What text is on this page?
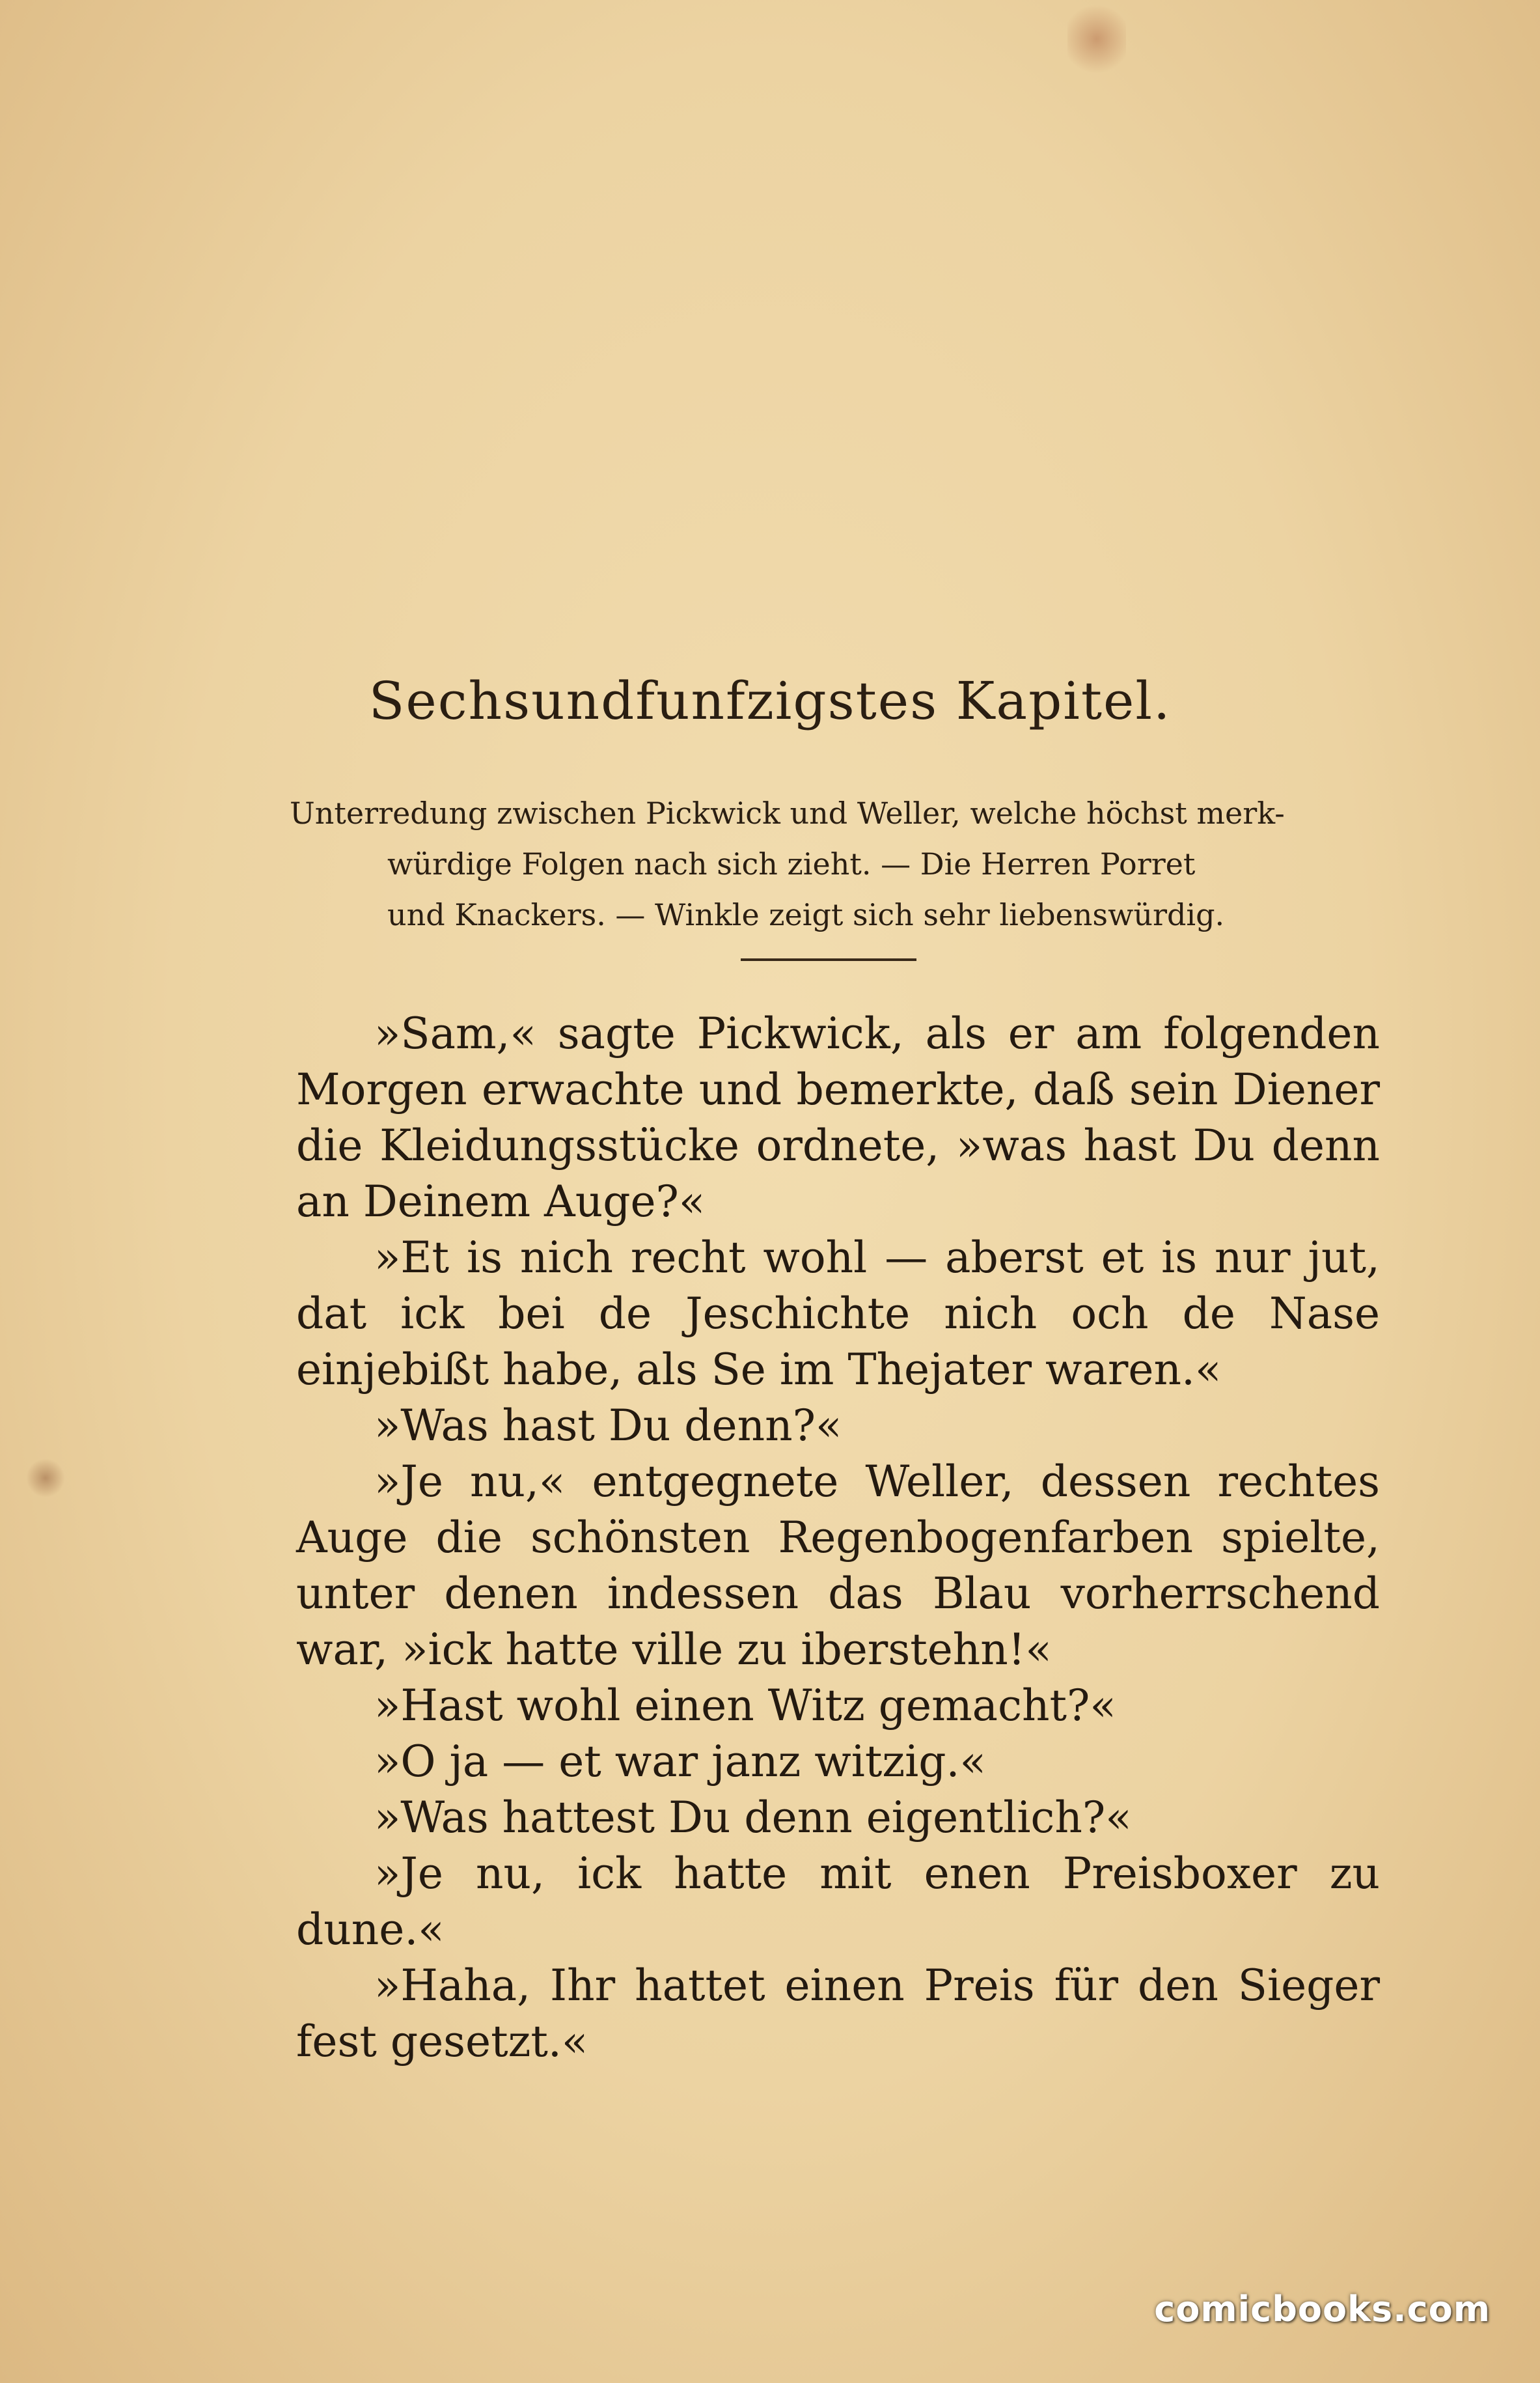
Sechsundfunfzigstes Kapitel.
Unterredung zwischen Pickwick und Weller, welche höchst merk-
würdige Folgen nach sich zieht. — Die Herren Porret
und Knackers. — Winkle zeigt sich sehr liebenswürdig.

»Sam,« sagte Pickwick, als er am folgenden Morgen erwachte und bemerkte, daß sein Diener die Kleidungsstücke ordnete, »was hast Du denn an Deinem Auge?«

»Et is nich recht wohl — aberst et is nur jut, dat ick bei de Jeschichte nich och de Nase einjebißt habe, als Se im Thejater waren.«

»Was hast Du denn?«

»Je nu,« entgegnete Weller, dessen rechtes Auge die schönsten Regenbogenfarben spielte, unter denen indessen das Blau vorherrschend war, »ick hatte ville zu iberstehn!«

»Hast wohl einen Witz gemacht?«

»O ja — et war janz witzig.«

»Was hattest Du denn eigentlich?«

»Je nu, ick hatte mit enen Preisboxer zu dune.«

»Haha, Ihr hattet einen Preis für den Sieger fest gesetzt.«

comicbooks.com
